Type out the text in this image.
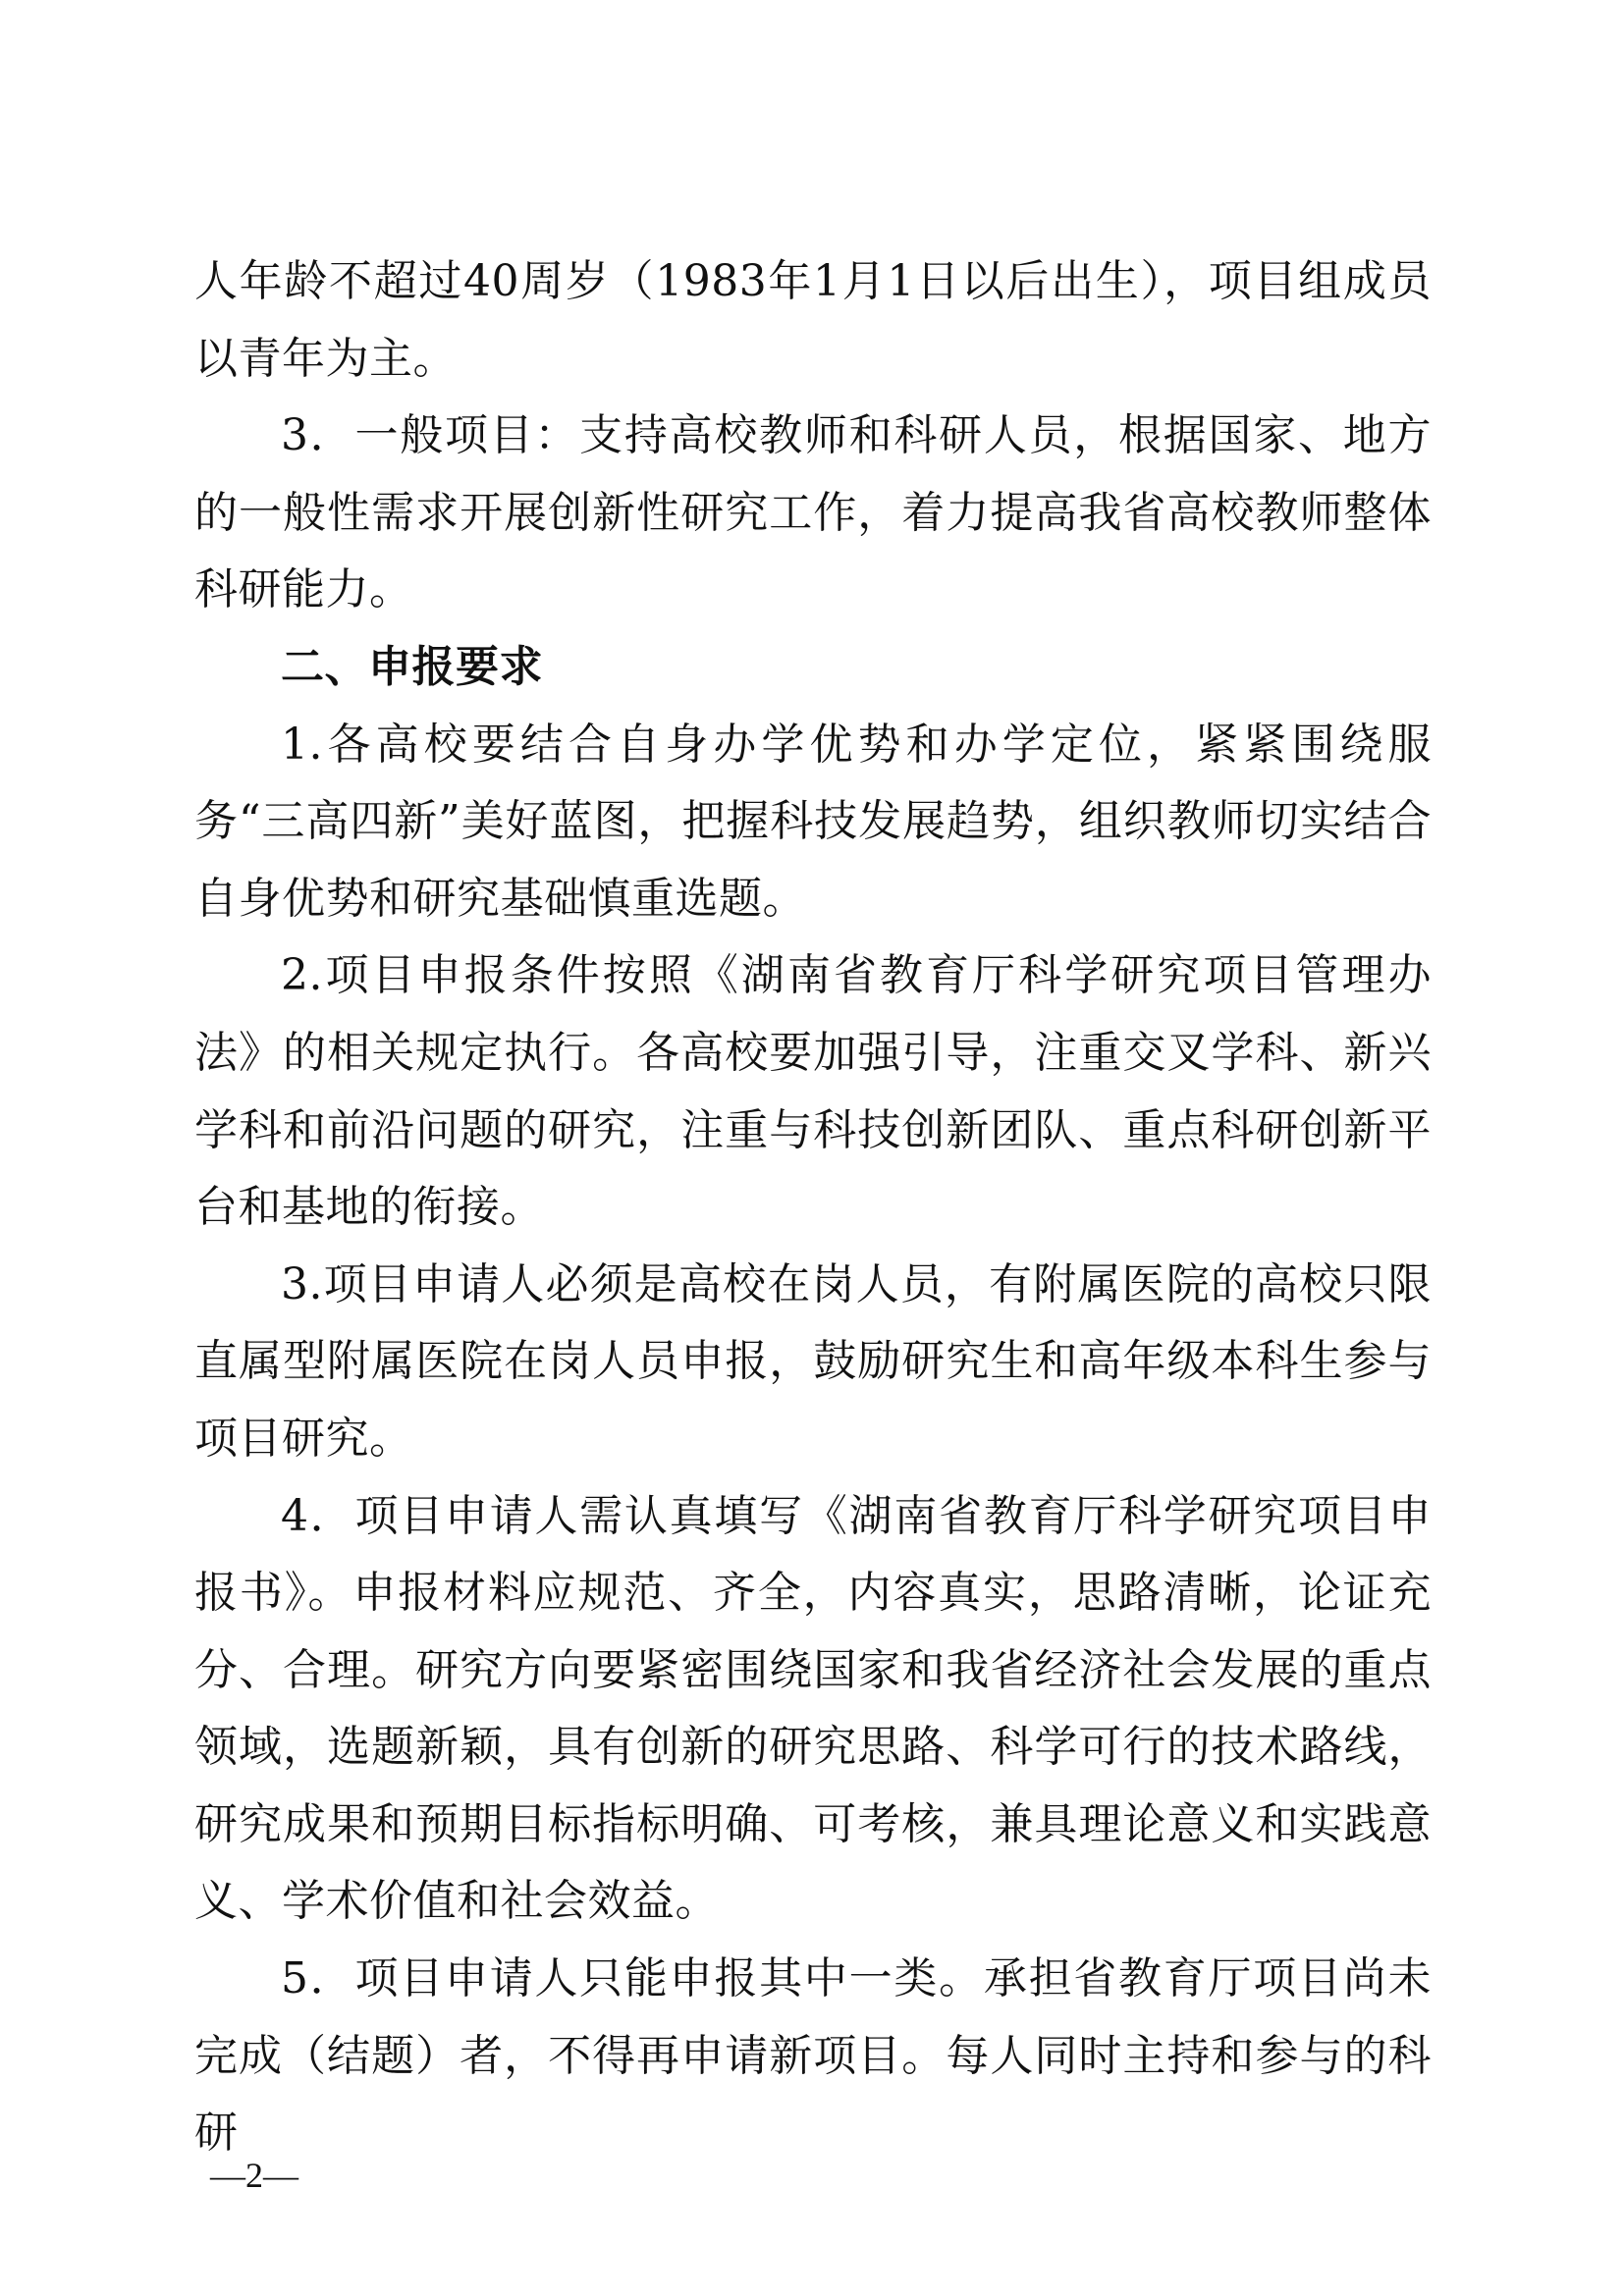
人年龄不超过40周岁（1983年1月1日以后出生），项目组成员以青年为主。

3．一般项目：支持高校教师和科研人员，根据国家、地方的一般性需求开展创新性研究工作，着力提高我省高校教师整体科研能力。

二、申报要求

1.各高校要结合自身办学优势和办学定位，紧紧围绕服务“三高四新”美好蓝图，把握科技发展趋势，组织教师切实结合自身优势和研究基础慎重选题。

2.项目申报条件按照《湖南省教育厅科学研究项目管理办法》的相关规定执行。各高校要加强引导，注重交叉学科、新兴学科和前沿问题的研究，注重与科技创新团队、重点科研创新平台和基地的衔接。

3.项目申请人必须是高校在岗人员，有附属医院的高校只限直属型附属医院在岗人员申报，鼓励研究生和高年级本科生参与项目研究。

4．项目申请人需认真填写《湖南省教育厅科学研究项目申报书》。申报材料应规范、齐全，内容真实，思路清晰，论证充分、合理。研究方向要紧密围绕国家和我省经济社会发展的重点领域，选题新颖，具有创新的研究思路、科学可行的技术路线，研究成果和预期目标指标明确、可考核，兼具理论意义和实践意义、学术价值和社会效益。

5．项目申请人只能申报其中一类。承担省教育厅项目尚未完成（结题）者，不得再申请新项目。每人同时主持和参与的科研

—2—
